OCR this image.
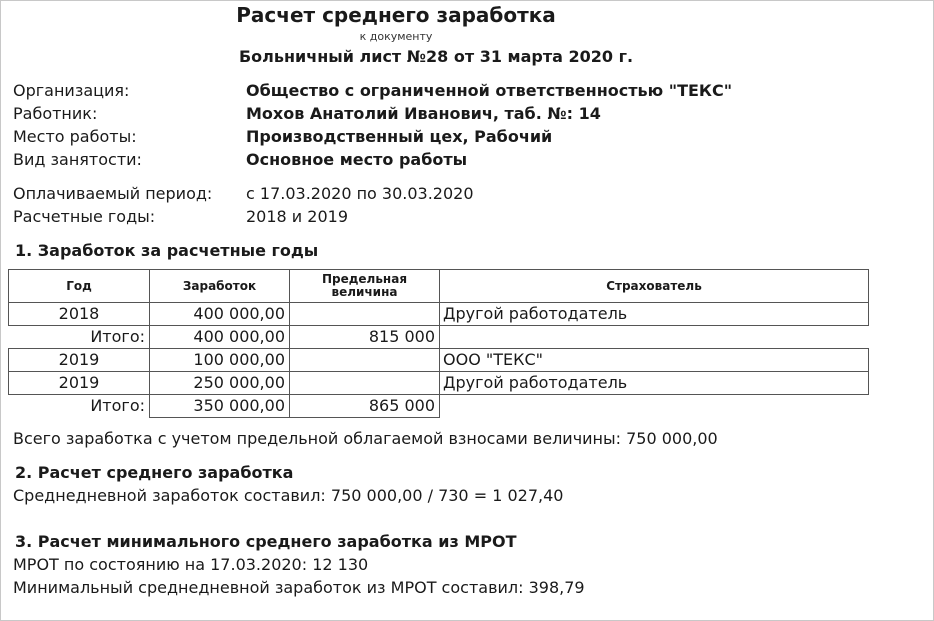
Расчет среднего заработка
к документу
Больничный лист №28 от 31 марта 2020 г.
Организация:	Общество с ограниченной ответственностью "ТЕКС"
Работник:	Мохов Анатолий Иванович, таб. №: 14
Место работы:	Производственный цех, Рабочий
Вид занятости:	Основное место работы
Оплачиваемый период: с 17.03.2020 по 30.03.2020
Расчетные годы:	2018 и 2019
1. Заработок за расчетные годы
Год	Заработок	Предельная величина	Страхователь
2018	400 000,00		Другой работодатель
Итого:	400 000,00	815 000	
2019	100 000,00		ООО "ТЕКС"
2019	250 000,00		Другой работодатель
Итого:	350 000,00	865 000	
Всего заработка с учетом предельной облагаемой взносами величины: 750 000,00
2. Расчет среднего заработка
Среднедневной заработок составил: 750 000,00 / 730 = 1 027,40
3. Расчет минимального среднего заработка из МРОТ
МРОТ по состоянию на 17.03.2020: 12 130
Минимальный среднедневной заработок из МРОТ составил: 398,79
